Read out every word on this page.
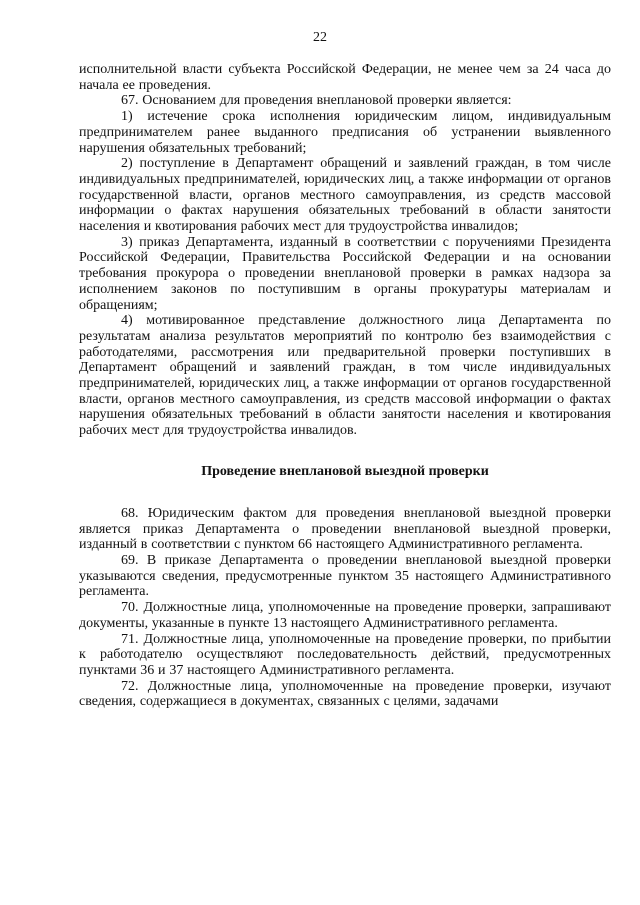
22

исполнительной власти субъекта Российской Федерации, не менее чем за 24 часа до начала ее проведения.

67. Основанием для проведения внеплановой проверки является:

1) истечение срока исполнения юридическим лицом, индивидуальным предпринимателем ранее выданного предписания об устранении выявленного нарушения обязательных требований;

2) поступление в Департамент обращений и заявлений граждан, в том числе индивидуальных предпринимателей, юридических лиц, а также информации от органов государственной власти, органов местного самоуправления, из средств массовой информации о фактах нарушения обязательных требований в области занятости населения и квотирования рабочих мест для трудоустройства инвалидов;

3) приказ Департамента, изданный в соответствии с поручениями Президента Российской Федерации, Правительства Российской Федерации и на основании требования прокурора о проведении внеплановой проверки в рамках надзора за исполнением законов по поступившим в органы прокуратуры материалам и обращениям;

4) мотивированное представление должностного лица Департамента по результатам анализа результатов мероприятий по контролю без взаимодействия с работодателями, рассмотрения или предварительной проверки поступивших в Департамент обращений и заявлений граждан, в том числе индивидуальных предпринимателей, юридических лиц, а также информации от органов государственной власти, органов местного самоуправления, из средств массовой информации о фактах нарушения обязательных требований в области занятости населения и квотирования рабочих мест для трудоустройства инвалидов.

Проведение внеплановой выездной проверки

68. Юридическим фактом для проведения внеплановой выездной проверки является приказ Департамента о проведении внеплановой выездной проверки, изданный в соответствии с пунктом 66 настоящего Административного регламента.

69. В приказе Департамента о проведении внеплановой выездной проверки указываются сведения, предусмотренные пунктом 35 настоящего Административного регламента.

70. Должностные лица, уполномоченные на проведение проверки, запрашивают документы, указанные в пункте 13 настоящего Административного регламента.

71. Должностные лица, уполномоченные на проведение проверки, по прибытии к работодателю осуществляют последовательность действий, предусмотренных пунктами 36 и 37 настоящего Административного регламента.

72. Должностные лица, уполномоченные на проведение проверки, изучают сведения, содержащиеся в документах, связанных с целями, задачами
